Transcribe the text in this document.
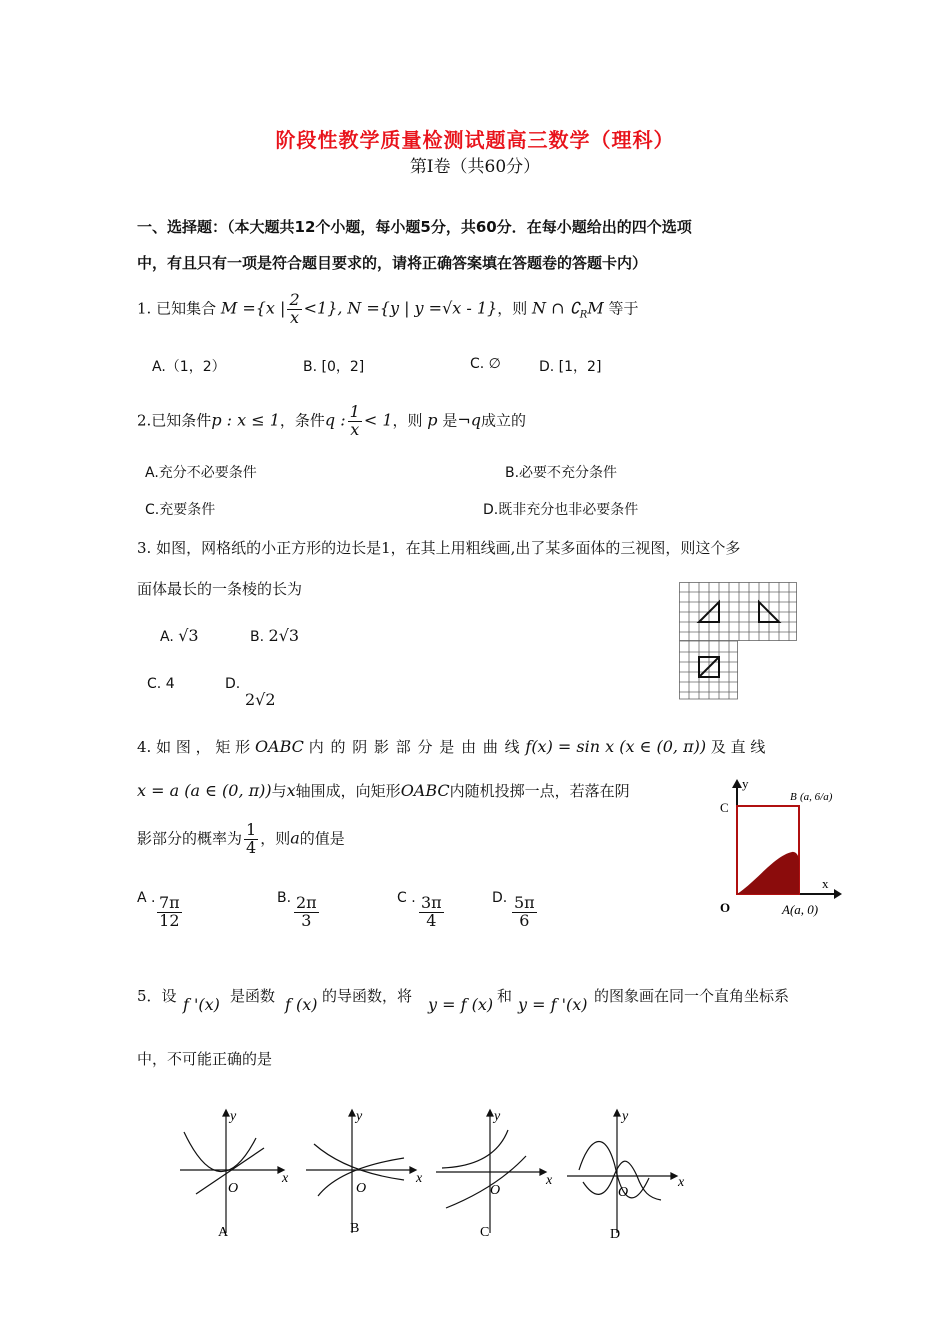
阶段性教学质量检测试题高三数学（理科）
第Ⅰ卷（共60分）
一、选择题：（本大题共12个小题，每小题5分，共60分．在每小题给出的四个选项
中，有且只有一项是符合题目要求的，请将正确答案填在答题卷的答题卡内）
1. 已知集合 M ={x | $\frac{2}{x} <1$}, N ={y | y =√x - 1}，则 N ∩ $∁_RM$ 等于
A.（1，2）	B. [0，2]	C. ∅	D. [1，2]
2.已知条件p : x ≤ 1，条件q : $\frac{1}{x} < 1$，则 p 是¬q成立的
A.充分不必要条件	B.必要不充分条件
C.充要条件	D.既非充分也非必要条件
3. 如图，网格纸的小正方形的边长是1，在其上用粗线画,出了某多面体的三视图，则这个多
面体最长的一条棱的长为
A. √3	B. 2√3
C. 4	D.
2√2
4. 如 图 ， 矩 形 OABC 内 的 阴 影 部 分 是 由 曲 线 f(x) = sin x (x ∈ (0, π)) 及 直 线
x = a (a ∈ (0, π))与x轴围成，向矩形OABC内随机投掷一点，若落在阴
影部分的概率为 $\frac{1}{4}$ ，则a的值是
A . $\frac{7\pi}{12}$	B. $\frac{2\pi}{3}$	C . $\frac{3\pi}{4}$	D. $\frac{5\pi}{6}$
y
x
C
O
B (a, 6/a)
A(a, 0)
5．设 f '(x) 是函数 f (x) 的导函数，将 y = f (x) 和 y = f '(x) 的图象画在同一个直角坐标系
中，不可能正确的是
y
x
O
A
y
x
O
B
y
x
O
C
y
x
O
D
